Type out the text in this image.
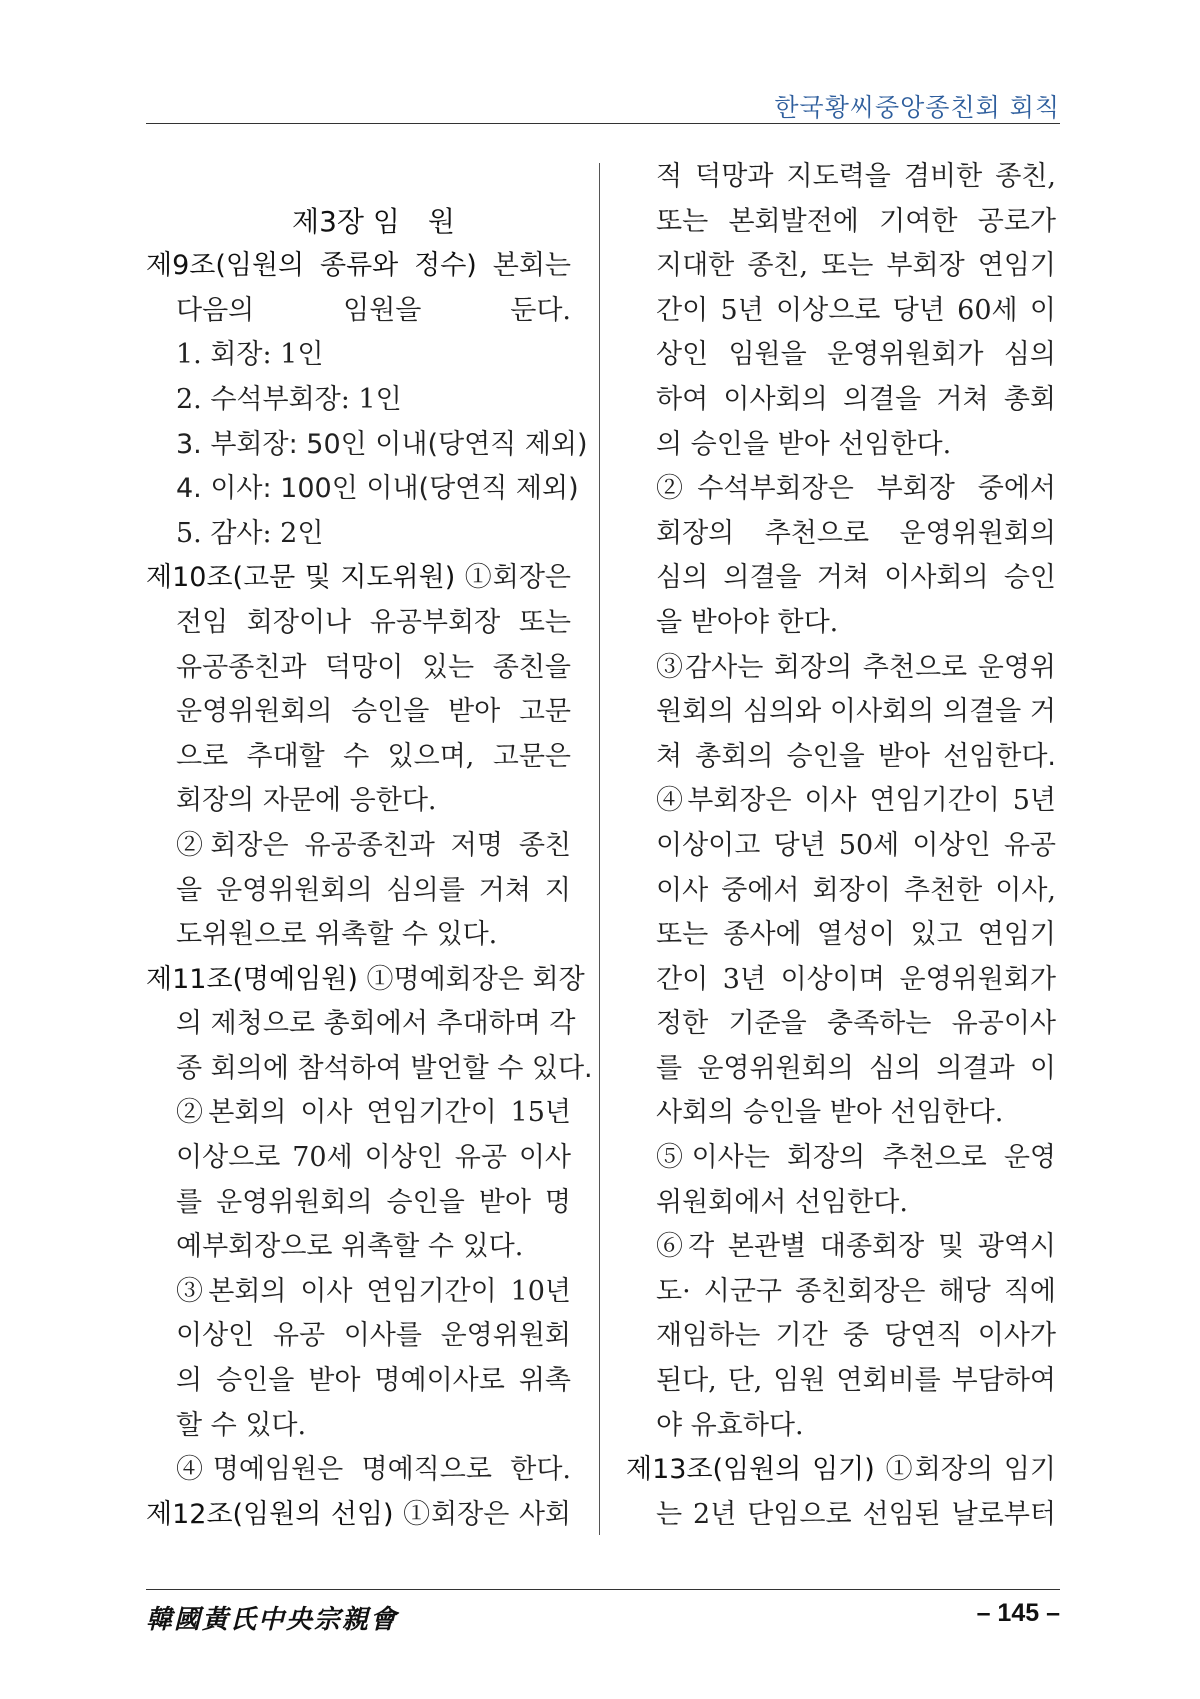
한국황씨중앙종친회 회칙
제3장 임　원
제9조(임원의 종류와 정수) 본회는
다음의 임원을 둔다.
1. 회장: 1인
2. 수석부회장: 1인
3. 부회장: 50인 이내(당연직 제외)
4. 이사: 100인 이내(당연직 제외)
5. 감사: 2인
제10조(고문 및 지도위원) ①회장은
전임 회장이나 유공부회장 또는
유공종친과 덕망이 있는 종친을
운영위원회의 승인을 받아 고문
으로 추대할 수 있으며, 고문은
회장의 자문에 응한다.
②회장은 유공종친과 저명 종친
을 운영위원회의 심의를 거쳐 지
도위원으로 위촉할 수 있다.
제11조(명예임원) ①명예회장은 회장
의 제청으로 총회에서 추대하며 각
종 회의에 참석하여 발언할 수 있다.
②본회의 이사 연임기간이 15년
이상으로 70세 이상인 유공 이사
를 운영위원회의 승인을 받아 명
예부회장으로 위촉할 수 있다.
③본회의 이사 연임기간이 10년
이상인 유공 이사를 운영위원회
의 승인을 받아 명예이사로 위촉
할 수 있다.
④명예임원은 명예직으로 한다.
제12조(임원의 선임) ①회장은 사회
적 덕망과 지도력을 겸비한 종친,
또는 본회발전에 기여한 공로가
지대한 종친, 또는 부회장 연임기
간이 5년 이상으로 당년 60세 이
상인 임원을 운영위원회가 심의
하여 이사회의 의결을 거쳐 총회
의 승인을 받아 선임한다.
②수석부회장은 부회장 중에서
회장의 추천으로 운영위원회의
심의 의결을 거쳐 이사회의 승인
을 받아야 한다.
③감사는 회장의 추천으로 운영위
원회의 심의와 이사회의 의결을 거
쳐 총회의 승인을 받아 선임한다.
④부회장은 이사 연임기간이 5년
이상이고 당년 50세 이상인 유공
이사 중에서 회장이 추천한 이사,
또는 종사에 열성이 있고 연임기
간이 3년 이상이며 운영위원회가
정한 기준을 충족하는 유공이사
를 운영위원회의 심의 의결과 이
사회의 승인을 받아 선임한다.
⑤이사는 회장의 추천으로 운영
위원회에서 선임한다.
⑥각 본관별 대종회장 및 광역시
도· 시군구 종친회장은 해당 직에
재임하는 기간 중 당연직 이사가
된다, 단, 임원 연회비를 부담하여
야 유효하다.
제13조(임원의 임기) ①회장의 임기
는 2년 단임으로 선임된 날로부터
韓國黃氏中央宗親會	– 145 –
